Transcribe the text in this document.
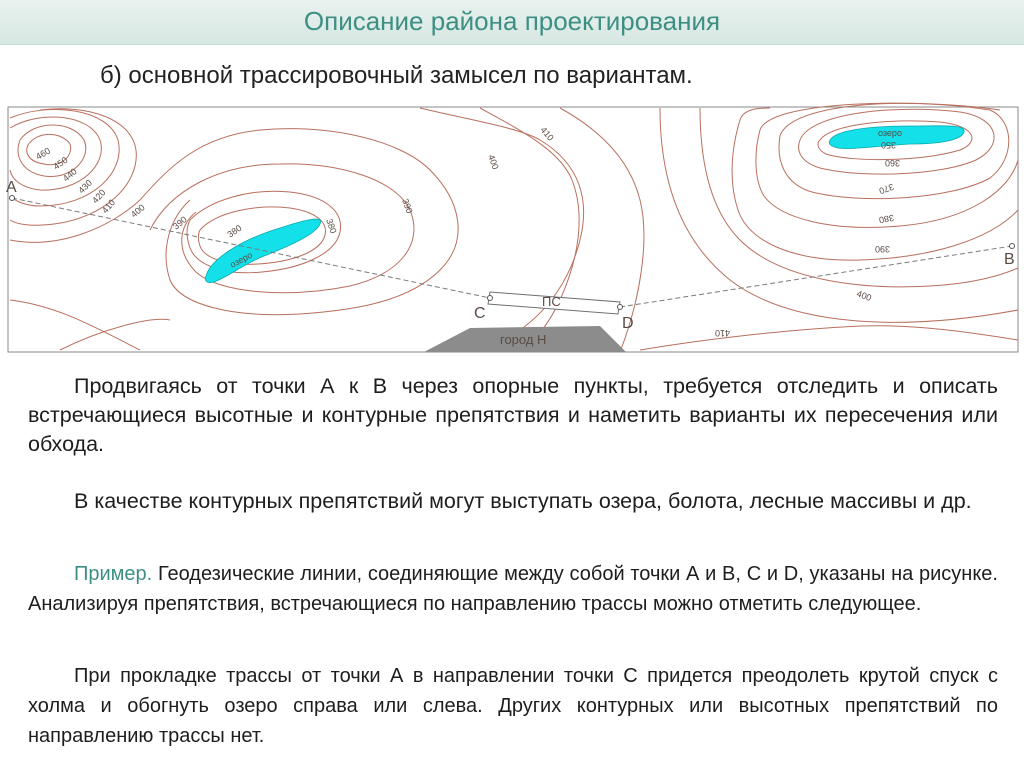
Описание района проектирования
б) основной трассировочный замысел по вариантам.
озеро
озеро
город Н
ПС
A
B
C
D
460
450
440
430
420
410 400
390	380	380
410
400
390
350
360
370
380
390
400
410

Продвигаясь от точки А к В через опорные пункты, требуется отследить и описать встречающиеся высотные и контурные препятствия и наметить варианты их пересечения или обхода.

В качестве контурных препятствий могут выступать озера, болота, лесные массивы и др.

Пример. Геодезические линии, соединяющие между собой точки А и В, С и D, указаны на рисунке. Анализируя препятствия, встречающиеся по направлению трассы можно отметить следующее.

При прокладке трассы от точки А в направлении точки С придется преодолеть крутой спуск с холма и обогнуть озеро справа или слева. Других контурных или высотных препятствий по направлению трассы нет.
